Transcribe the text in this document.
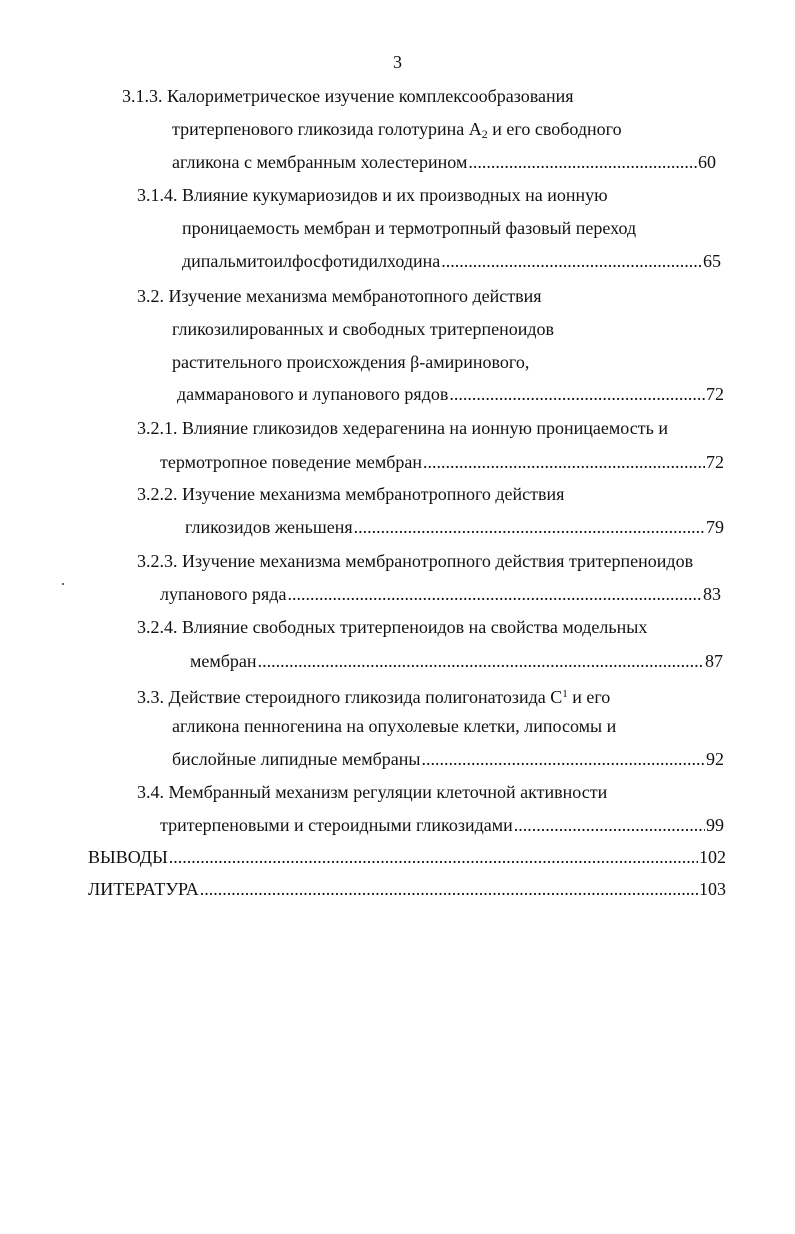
3
3.1.3. Калориметрическое изучение комплексообразования
тритерпенового гликозида голотурина $А_2$ и его свободного
агликона с мембранным холестерином .....	60
3.1.4. Влияние кукумариозидов и их производных на ионную
проницаемость мембран и термотропный фазовый переход
дипальмитоилфосфотидилходина .....	65
3.2. Изучение механизма мембранотопного действия
гликозилированных и свободных тритерпеноидов
растительного происхождения β-амиринового,
даммаранового и лупанового рядов .....	72
3.2.1. Влияние гликозидов хедерагенина на ионную проницаемость и
термотропное поведение мембран .....	72
3.2.2. Изучение механизма мембранотропного действия
гликозидов женьшеня .....	79
3.2.3. Изучение механизма мембранотропного действия тритерпеноидов
лупанового ряда .....	83
3.2.4. Влияние свободных тритерпеноидов на свойства модельных
мембран .....	87
3.3. Действие стероидного гликозида полигонатозида $С^1$ и его
агликона пенногенина на опухолевые клетки, липосомы и
бислойные липидные мембраны .....	92
3.4. Мембранный механизм регуляции клеточной активности
тритерпеновыми и стероидными гликозидами .....	99
ВЫВОДЫ .....	102
ЛИТЕРАТУРА .....	103
